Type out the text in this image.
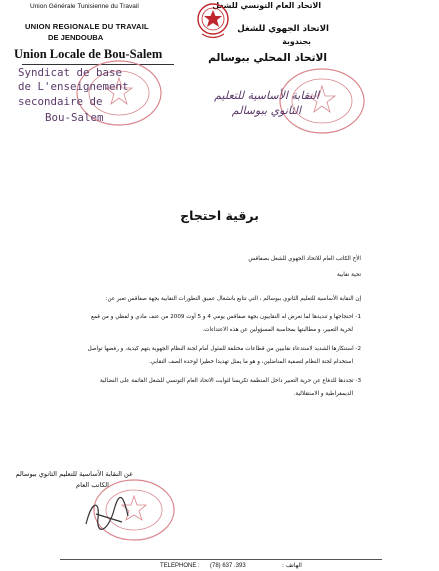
Union Générale Tunisienne du Travail
UNION REGIONALE DU TRAVAIL
DE JENDOUBA
Union Locale de Bou-Salem
الاتحاد العام التونسي للشغل
الاتحاد الجهوي للشغل
بجندوبة
الاتحاد المحلي ببوسالم
Syndicat de base
de L'enseignement
secondaire de
Bou-Salem
النقابة الأساسية للتعليم
الثانوي ببوسالم
برقية احتجاج
الأخ الكاتب العام للاتحاد الجهوي للشغل بصفاقس
تحية نقابية
إن النقابة الأساسية للتعليم الثانوي ببوسالم ، التي تتابع بانشغال عميق التطورات النقابية بجهة صفاقس تعبر عن:
1- احتجاجها و تنديدها لما تعرض له النقابيون بجهة صفاقس يومي 4 و 5 أوت 2009 من عنف مادي و لفظي و من قمع
لحرية التعبير، و مطالبتها بمحاسبة المسؤولين عن هذه الاعتداءات.
2- استنكارها الشديد لاستدعاء نقابيين من قطاعات مختلفة للمثول أمام لجنة النظام الجهوية بتهم كيدية، و رفضها تواصل
استخدام لجنة النظام لتصفية المناضلين، و هو ما يمثل تهديدا خطيرا لوحدة الصف النقابي.
3- تجددها للدفاع عن حرية التعبير داخل المنظمة تكريسا لثوابت الاتحاد العام التونسي للشغل القائمة على النضالية
الديمقراطية و الاستقلالية.
عن النقابة الأساسية للتعليم الثانوي ببوسالم
الكاتب العام
TELEPHONE : (78) 637 .393	الهاتف :
